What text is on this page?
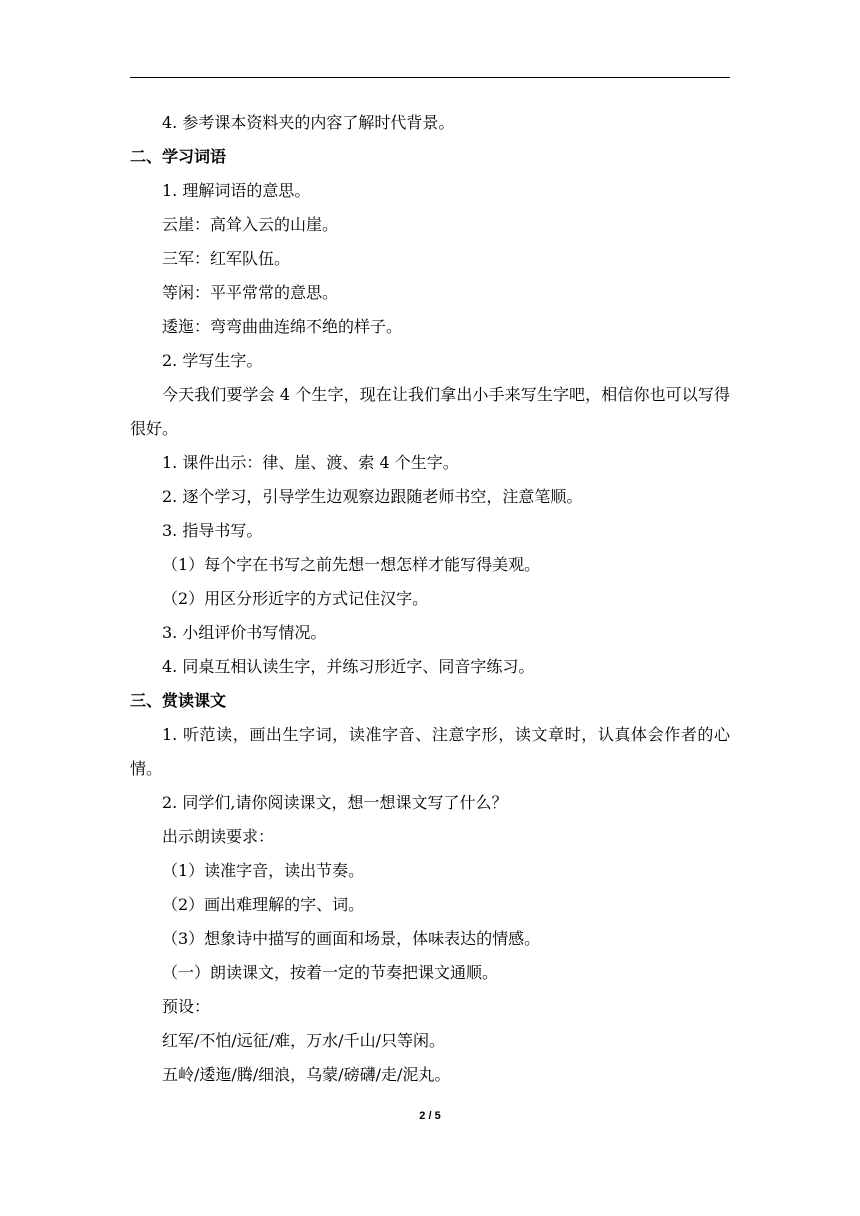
4. 参考课本资料夹的内容了解时代背景。

二、学习词语

1. 理解词语的意思。

云崖：高耸入云的山崖。

三军：红军队伍。

等闲：平平常常的意思。

逶迤：弯弯曲曲连绵不绝的样子。

2. 学写生字。

今天我们要学会 4 个生字，现在让我们拿出小手来写生字吧，相信你也可以写得很好。

1. 课件出示：律、崖、渡、索 4 个生字。

2. 逐个学习，引导学生边观察边跟随老师书空，注意笔顺。

3. 指导书写。

（1）每个字在书写之前先想一想怎样才能写得美观。

（2）用区分形近字的方式记住汉字。

3. 小组评价书写情况。

4. 同桌互相认读生字，并练习形近字、同音字练习。

三、赏读课文

1. 听范读，画出生字词，读准字音、注意字形，读文章时，认真体会作者的心情。

2. 同学们,请你阅读课文，想一想课文写了什么？

出示朗读要求：

（1）读准字音，读出节奏。

（2）画出难理解的字、词。

（3）想象诗中描写的画面和场景，体味表达的情感。

（一）朗读课文，按着一定的节奏把课文通顺。

预设：

红军/不怕/远征/难，万水/千山/只等闲。

五岭/逶迤/腾/细浪，乌蒙/磅礴/走/泥丸。

2 / 5
